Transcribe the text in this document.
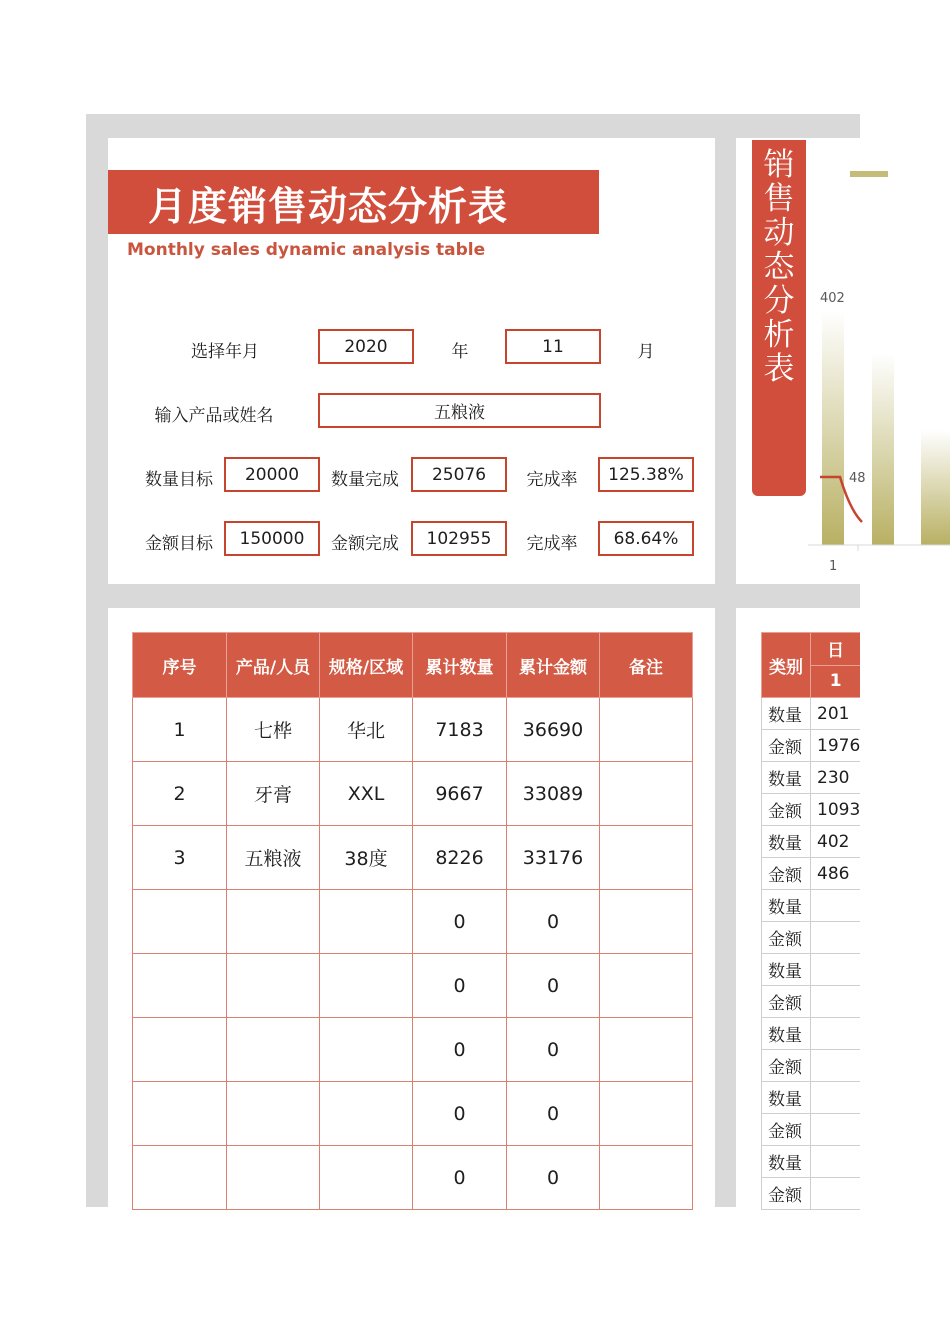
月度销售动态分析表
Monthly sales dynamic analysis table
选择年月	2020	年	11	月
输入产品或姓名	五粮液
数量目标	20000	数量完成	25076	完成率	125.38%
金额目标	150000	金额完成	102955	完成率	68.64%
序号	产品/人员	规格/区域	累计数量	累计金额	备注
1	七桦	华北	7183	36690	
2	牙膏	XXL	9667	33089	
3	五粮液	38度	8226	33176	
			0	0	
			0	0	
			0	0	
			0	0	
			0	0	
销售动态分析表
402
48
1
类别	日
	1
数量	201
金额	1976
数量	230
金额	1093
数量	402
金额	486
数量	
金额	
数量	
金额	
数量	
金额	
数量	
金额	
数量	
金额	
